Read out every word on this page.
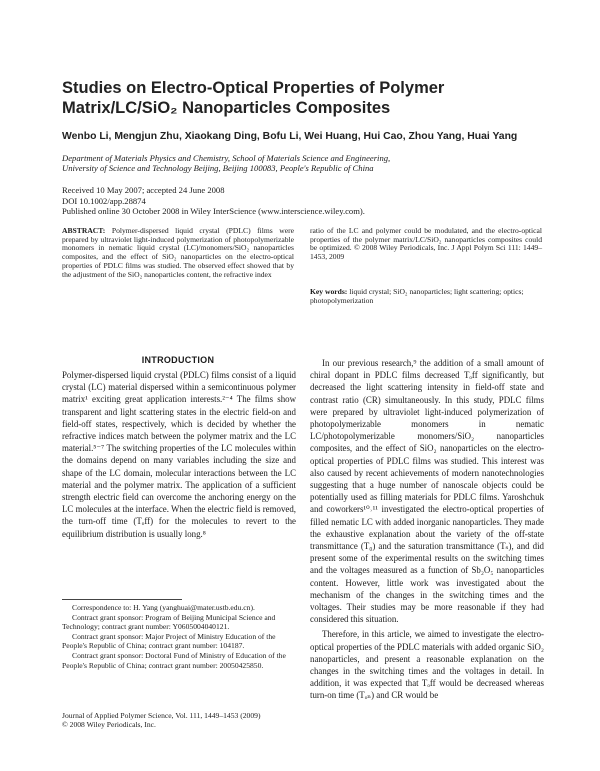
Studies on Electro-Optical Properties of Polymer
Matrix/LC/SiO₂ Nanoparticles Composites
Wenbo Li, Mengjun Zhu, Xiaokang Ding, Bofu Li, Wei Huang, Hui Cao, Zhou Yang, Huai Yang
Department of Materials Physics and Chemistry, School of Materials Science and Engineering,
University of Science and Technology Beijing, Beijing 100083, People's Republic of China
Received 10 May 2007; accepted 24 June 2008
DOI 10.1002/app.28874
Published online 30 October 2008 in Wiley InterScience (www.interscience.wiley.com).
ABSTRACT: Polymer-dispersed liquid crystal (PDLC) films were prepared by ultraviolet light-induced polymerization of photopolymerizable monomers in nematic liquid crystal (LC)/monomers/SiO₂ nanoparticles composites, and the effect of SiO₂ nanoparticles on the electro-optical properties of PDLC films was studied. The observed effect showed that by the adjustment of the SiO₂ nanoparticles content, the refractive index
ratio of the LC and polymer could be modulated, and the electro-optical properties of the polymer matrix/LC/SiO₂ nanoparticles composites could be optimized. © 2008 Wiley Periodicals, Inc. J Appl Polym Sci 111: 1449–1453, 2009
Key words: liquid crystal; SiO₂ nanoparticles; light scattering; optics; photopolymerization
INTRODUCTION
Polymer-dispersed liquid crystal (PDLC) films consist of a liquid crystal (LC) material dispersed within a semicontinuous polymer matrix¹ exciting great application interests.²⁻⁴ The films show transparent and light scattering states in the electric field-on and field-off states, respectively, which is decided by whether the refractive indices match between the polymer matrix and the LC material.⁵⁻⁷ The switching properties of the LC molecules within the domains depend on many variables including the size and shape of the LC domain, molecular interactions between the LC material and the polymer matrix. The application of a sufficient strength electric field can overcome the anchoring energy on the LC molecules at the interface. When the electric field is removed, the turn-off time (Tₒff) for the molecules to revert to the equilibrium distribution is usually long.⁸

In our previous research,⁹ the addition of a small amount of chiral dopant in PDLC films decreased Tₒff significantly, but decreased the light scattering intensity in field-off state and contrast ratio (CR) simultaneously. In this study, PDLC films were prepared by ultraviolet light-induced polymerization of photopolymerizable monomers in nematic LC/photopolymerizable monomers/SiO₂ nanoparticles composites, and the effect of SiO₂ nanoparticles on the electro-optical properties of PDLC films was studied. This interest was also caused by recent achievements of modern nanotechnologies suggesting that a huge number of nanoscale objects could be potentially used as filling materials for PDLC films. Yaroshchuk and coworkers¹⁰˒¹¹ investigated the electro-optical properties of filled nematic LC with added inorganic nanoparticles. They made the exhaustive explanation about the variety of the off-state transmittance (T₀) and the saturation transmittance (Tₛ), and did present some of the experimental results on the switching times and the voltages measured as a function of Sb₂O₅ nanoparticles content. However, little work was investigated about the mechanism of the changes in the switching times and the voltages. Their studies may be more reasonable if they had considered this situation.

Therefore, in this article, we aimed to investigate the electro-optical properties of the PDLC materials with added organic SiO₂ nanoparticles, and present a reasonable explanation on the changes in the switching times and the voltages in detail. In addition, it was expected that Tₒff would be decreased whereas turn-on time (Tₒₙ) and CR would be

Correspondence to: H. Yang (yanghuai@mater.ustb.edu.cn).

Contract grant sponsor: Program of Beijing Municipal Science and Technology; contract grant number: Y0605004040121.

Contract grant sponsor: Major Project of Ministry Education of the People's Republic of China; contract grant number: 104187.

Contract grant sponsor: Doctoral Fund of Ministry of Education of the People's Republic of China; contract grant number: 20050425850.

Journal of Applied Polymer Science, Vol. 111, 1449–1453 (2009)
© 2008 Wiley Periodicals, Inc.
